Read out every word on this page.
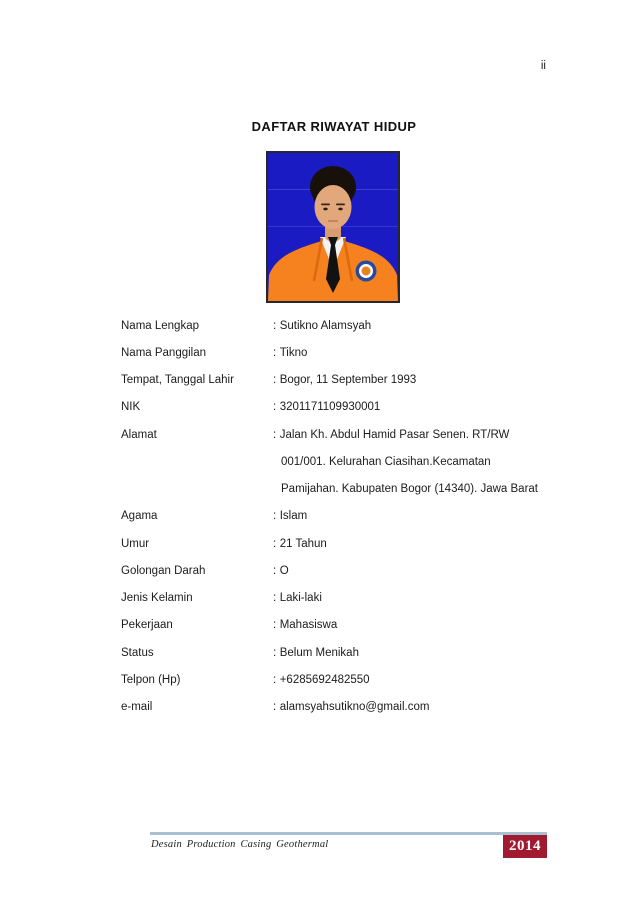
ii
DAFTAR RIWAYAT HIDUP
Nama Lengkap	: Sutikno Alamsyah
Nama Panggilan	: Tikno
Tempat, Tanggal Lahir	: Bogor, 11 September 1993
NIK	: 3201171109930001
Alamat	: Jalan Kh. Abdul Hamid Pasar Senen. RT/RW
001/001. Kelurahan Ciasihan.Kecamatan
Pamijahan. Kabupaten Bogor (14340). Jawa Barat
Agama	: Islam
Umur	: 21 Tahun
Golongan Darah	: O
Jenis Kelamin	: Laki-laki
Pekerjaan	: Mahasiswa
Status	: Belum Menikah
Telpon (Hp)	: +6285692482550
e-mail	: alamsyahsutikno@gmail.com
Desain Production Casing Geothermal	2014
